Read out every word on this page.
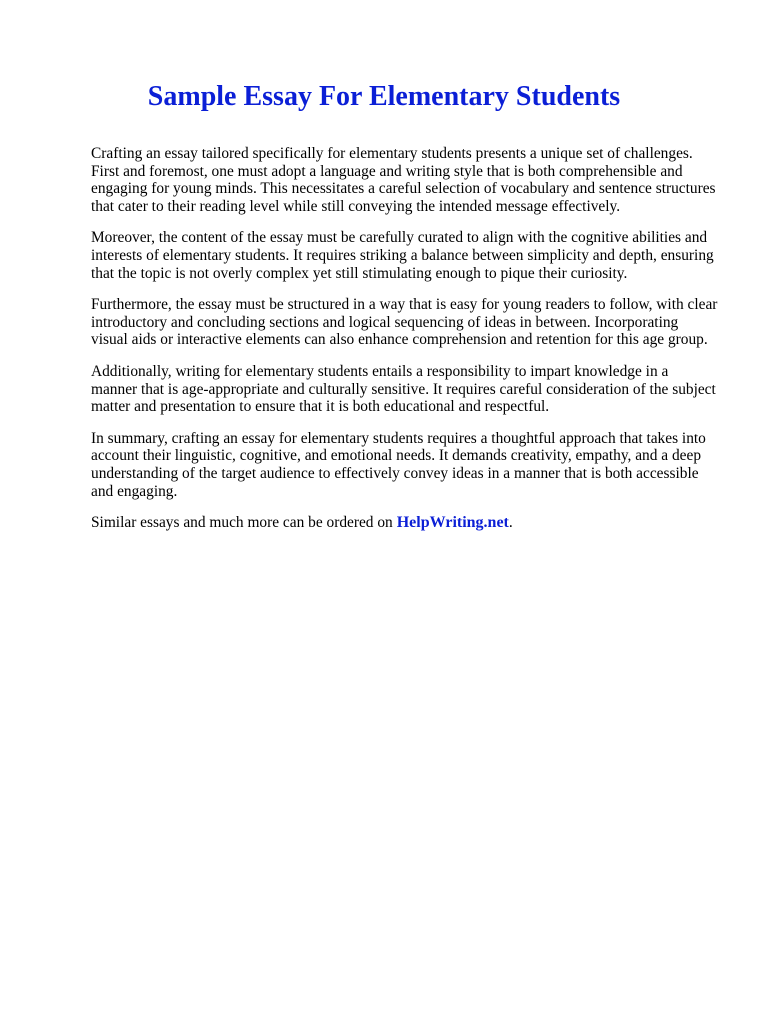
Sample Essay For Elementary Students

Crafting an essay tailored specifically for elementary students presents a unique set of challenges.
First and foremost, one must adopt a language and writing style that is both comprehensible and
engaging for young minds. This necessitates a careful selection of vocabulary and sentence structures
that cater to their reading level while still conveying the intended message effectively.

Moreover, the content of the essay must be carefully curated to align with the cognitive abilities and
interests of elementary students. It requires striking a balance between simplicity and depth, ensuring
that the topic is not overly complex yet still stimulating enough to pique their curiosity.

Furthermore, the essay must be structured in a way that is easy for young readers to follow, with clear
introductory and concluding sections and logical sequencing of ideas in between. Incorporating
visual aids or interactive elements can also enhance comprehension and retention for this age group.

Additionally, writing for elementary students entails a responsibility to impart knowledge in a
manner that is age-appropriate and culturally sensitive. It requires careful consideration of the subject
matter and presentation to ensure that it is both educational and respectful.

In summary, crafting an essay for elementary students requires a thoughtful approach that takes into
account their linguistic, cognitive, and emotional needs. It demands creativity, empathy, and a deep
understanding of the target audience to effectively convey ideas in a manner that is both accessible
and engaging.

Similar essays and much more can be ordered on HelpWriting.net.
